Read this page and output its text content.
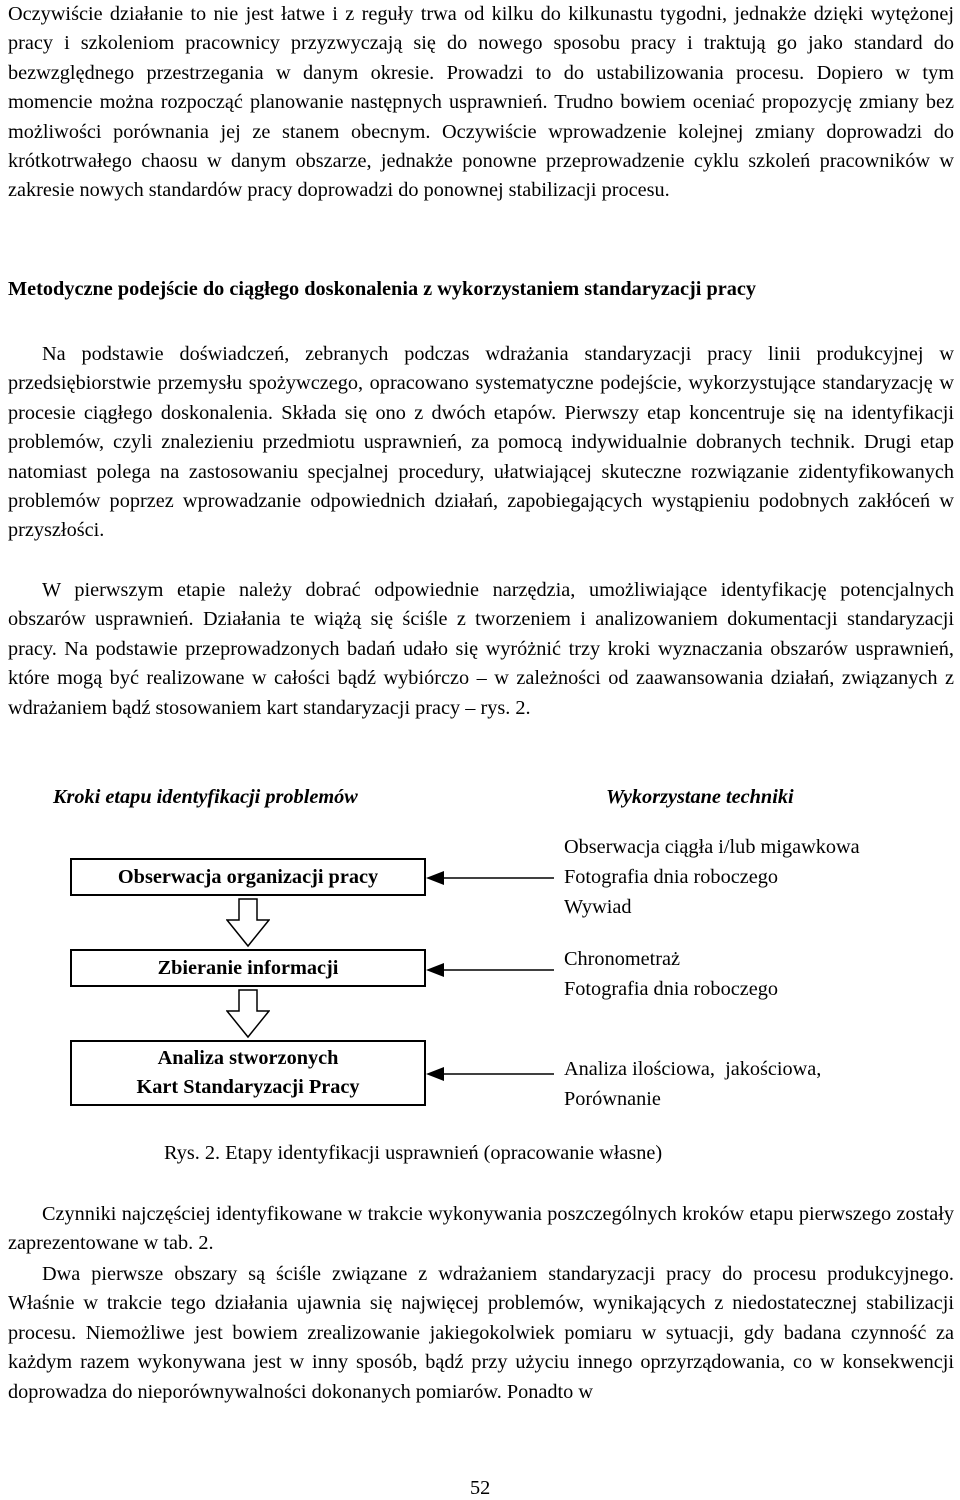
Oczywiście działanie to nie jest łatwe i z reguły trwa od kilku do kilkunastu tygodni, jednakże dzięki wytężonej pracy i szkoleniom pracownicy przyzwyczają się do nowego sposobu pracy i traktują go jako standard do bezwzględnego przestrzegania w danym okresie. Prowadzi to do ustabilizowania procesu. Dopiero w tym momencie można rozpocząć planowanie następnych usprawnień. Trudno bowiem oceniać propozycję zmiany bez możliwości porównania jej ze stanem obecnym. Oczywiście wprowadzenie kolejnej zmiany doprowadzi do krótkotrwałego chaosu w danym obszarze, jednakże ponowne przeprowadzenie cyklu szkoleń pracowników w zakresie nowych standardów pracy doprowadzi do ponownej stabilizacji procesu.

Metodyczne podejście do ciągłego doskonalenia z wykorzystaniem standaryzacji pracy

Na podstawie doświadczeń, zebranych podczas wdrażania standaryzacji pracy linii produkcyjnej w przedsiębiorstwie przemysłu spożywczego, opracowano systematyczne podejście, wykorzystujące standaryzację w procesie ciągłego doskonalenia. Składa się ono z dwóch etapów. Pierwszy etap koncentruje się na identyfikacji problemów, czyli znalezieniu przedmiotu usprawnień, za pomocą indywidualnie dobranych technik. Drugi etap natomiast polega na zastosowaniu specjalnej procedury, ułatwiającej skuteczne rozwiązanie zidentyfikowanych problemów poprzez wprowadzanie odpowiednich działań, zapobiegających wystąpieniu podobnych zakłóceń w przyszłości.

W pierwszym etapie należy dobrać odpowiednie narzędzia, umożliwiające identyfikację potencjalnych obszarów usprawnień. Działania te wiążą się ściśle z tworzeniem i analizowaniem dokumentacji standaryzacji pracy. Na podstawie przeprowadzonych badań udało się wyróżnić trzy kroki wyznaczania obszarów usprawnień, które mogą być realizowane w całości bądź wybiórczo – w zależności od zaawansowania działań, związanych z wdrażaniem bądź stosowaniem kart standaryzacji pracy – rys. 2.

Kroki etapu identyfikacji problemów	Wykorzystane techniki
Obserwacja organizacji pracy
Zbieranie informacji
Analiza stworzonych
Kart Standaryzacji Pracy
Obserwacja ciągła i/lub migawkowa
Fotografia dnia roboczego
Wywiad
Chronometraż
Fotografia dnia roboczego
Analiza ilościowa,  jakościowa,
Porównanie
Rys. 2. Etapy identyfikacji usprawnień (opracowanie własne)

Czynniki najczęściej identyfikowane w trakcie wykonywania poszczególnych kroków etapu pierwszego zostały zaprezentowane w tab. 2.

Dwa pierwsze obszary są ściśle związane z wdrażaniem standaryzacji pracy do procesu produkcyjnego. Właśnie w trakcie tego działania ujawnia się najwięcej problemów, wynikających z niedostatecznej stabilizacji procesu. Niemożliwe jest bowiem zrealizowanie jakiegokolwiek pomiaru w sytuacji, gdy badana czynność za każdym razem wykonywana jest w inny sposób, bądź przy użyciu innego oprzyrządowania, co w konsekwencji doprowadza do nieporównywalności dokonanych pomiarów. Ponadto w

52
